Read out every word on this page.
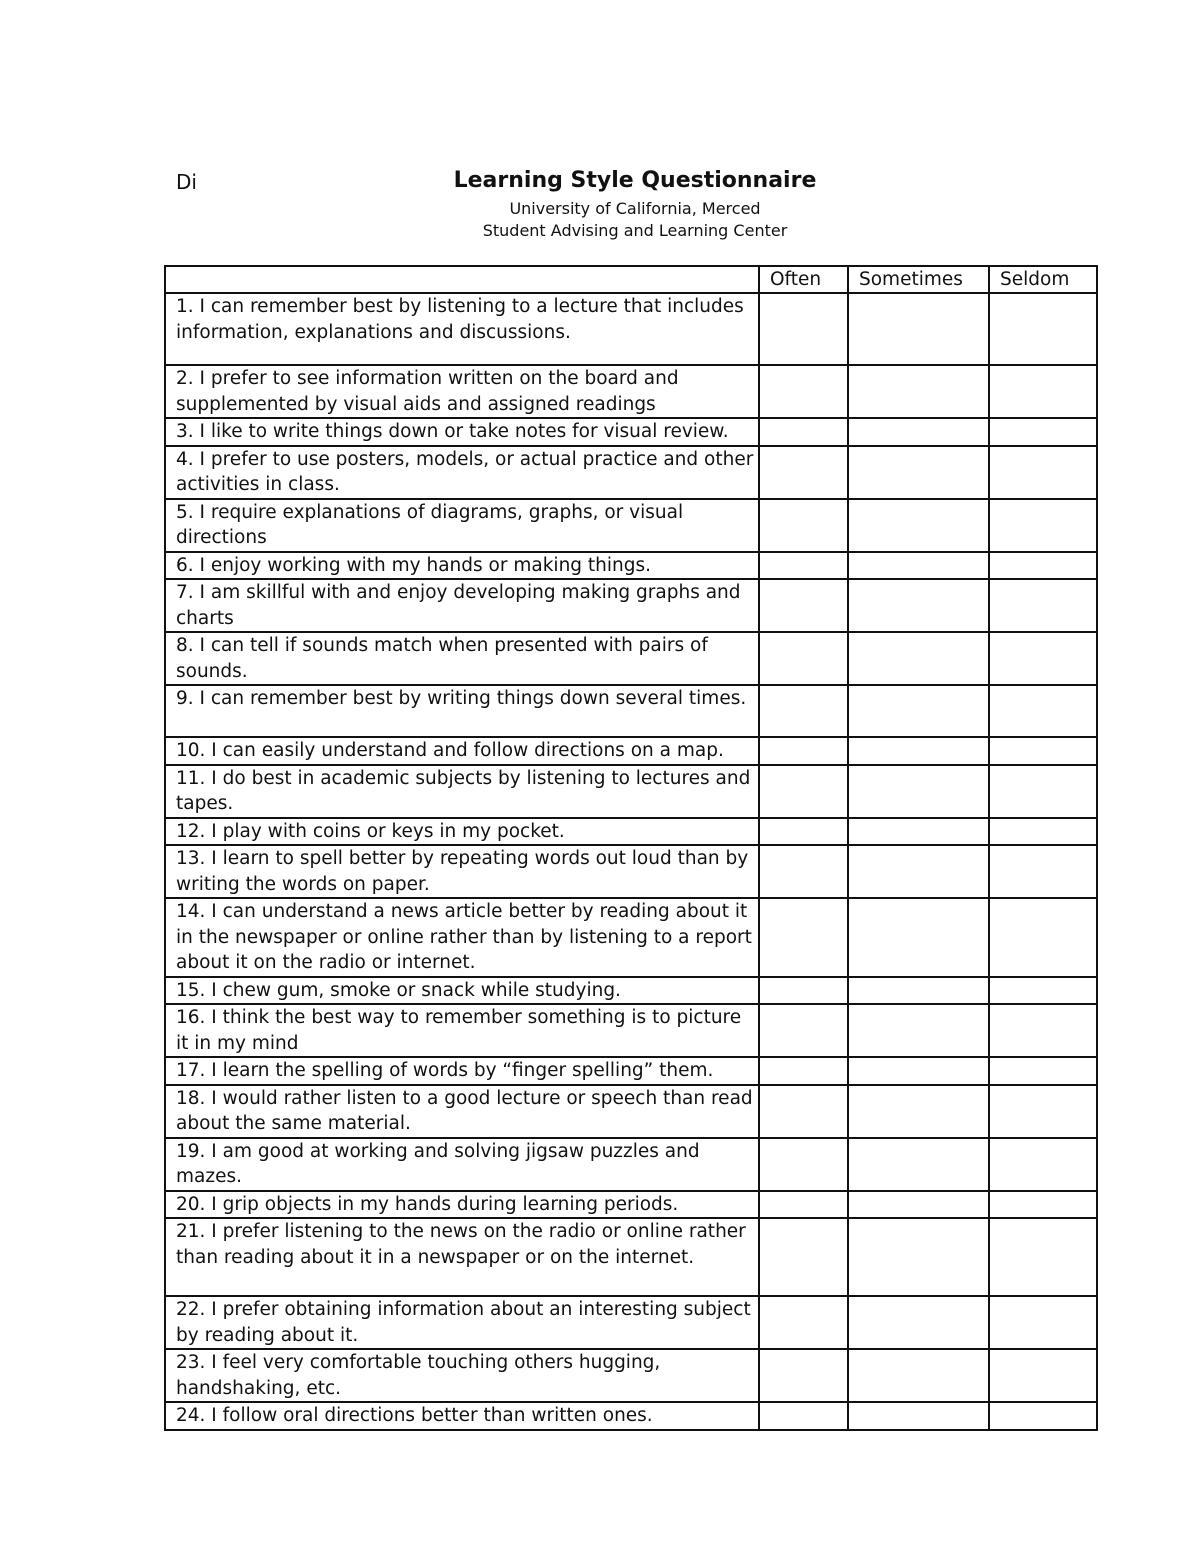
Di	Learning Style Questionnaire
University of California, Merced
Student Advising and Learning Center
	Often	Sometimes	Seldom
1. I can remember best by listening to a lecture that includes information, explanations and discussions.			
2. I prefer to see information written on the board and supplemented by visual aids and assigned readings			
3. I like to write things down or take notes for visual review.			
4. I prefer to use posters, models, or actual practice and other activities in class.			
5. I require explanations of diagrams, graphs, or visual directions			
6. I enjoy working with my hands or making things.			
7. I am skillful with and enjoy developing making graphs and charts			
8. I can tell if sounds match when presented with pairs of sounds.			
9. I can remember best by writing things down several times.			
10. I can easily understand and follow directions on a map.			
11. I do best in academic subjects by listening to lectures and tapes.			
12. I play with coins or keys in my pocket.			
13. I learn to spell better by repeating words out loud than by writing the words on paper.			
14. I can understand a news article better by reading about it in the newspaper or online rather than by listening to a report about it on the radio or internet.			
15. I chew gum, smoke or snack while studying.			
16. I think the best way to remember something is to picture it in my mind			
17. I learn the spelling of words by “finger spelling” them.			
18. I would rather listen to a good lecture or speech than read about the same material.			
19. I am good at working and solving jigsaw puzzles and mazes.			
20. I grip objects in my hands during learning periods.			
21. I prefer listening to the news on the radio or online rather than reading about it in a newspaper or on the internet.			
22. I prefer obtaining information about an interesting subject by reading about it.			
23. I feel very comfortable touching others hugging, handshaking, etc.			
24. I follow oral directions better than written ones.			
